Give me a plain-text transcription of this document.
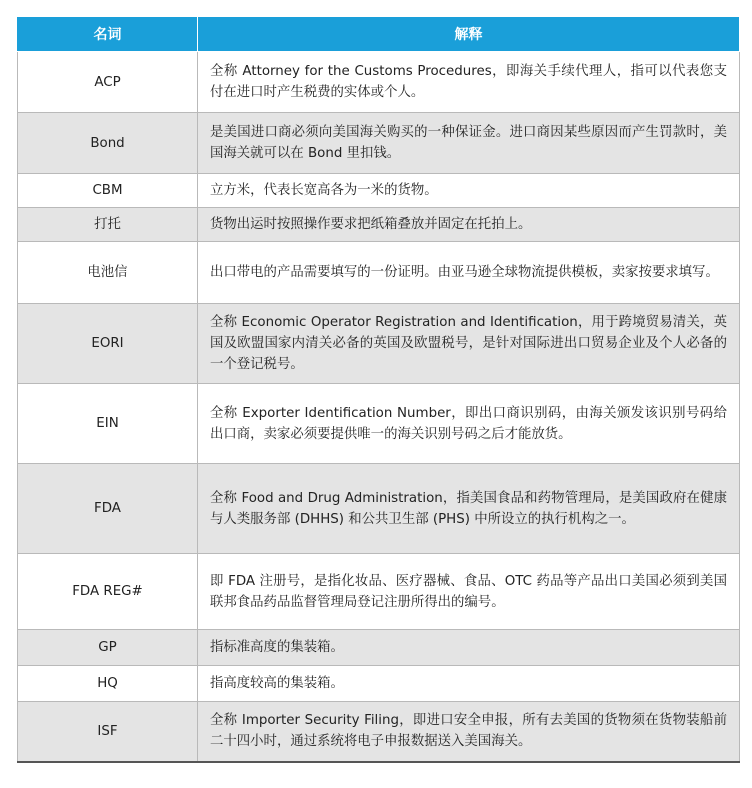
名词	解释
ACP	全称 Attorney for the Customs Procedures，即海关手续代理人，指可以代表您支付在进口时产生税费的实体或个人。
Bond	是美国进口商必须向美国海关购买的一种保证金。进口商因某些原因而产生罚款时，美国海关就可以在 Bond 里扣钱。
CBM	立方米，代表长宽高各为一米的货物。
打托	货物出运时按照操作要求把纸箱叠放并固定在托拍上。
电池信	出口带电的产品需要填写的一份证明。由亚马逊全球物流提供模板，卖家按要求填写。
EORI	全称 Economic Operator Registration and Identification，用于跨境贸易清关，英国及欧盟国家内清关必备的英国及欧盟税号，是针对国际进出口贸易企业及个人必备的一个登记税号。
EIN	全称 Exporter Identification Number，即出口商识别码，由海关颁发该识别号码给出口商，卖家必须要提供唯一的海关识别号码之后才能放货。
FDA	全称 Food and Drug Administration，指美国食品和药物管理局，是美国政府在健康与人类服务部 (DHHS) 和公共卫生部 (PHS) 中所设立的执行机构之一。
FDA REG#	即 FDA 注册号，是指化妆品、医疗器械、食品、OTC 药品等产品出口美国必须到美国联邦食品药品监督管理局登记注册所得出的编号。
GP	指标准高度的集装箱。
HQ	指高度较高的集装箱。
ISF	全称 Importer Security Filing，即进口安全申报，所有去美国的货物须在货物装船前二十四小时，通过系统将电子申报数据送入美国海关。
